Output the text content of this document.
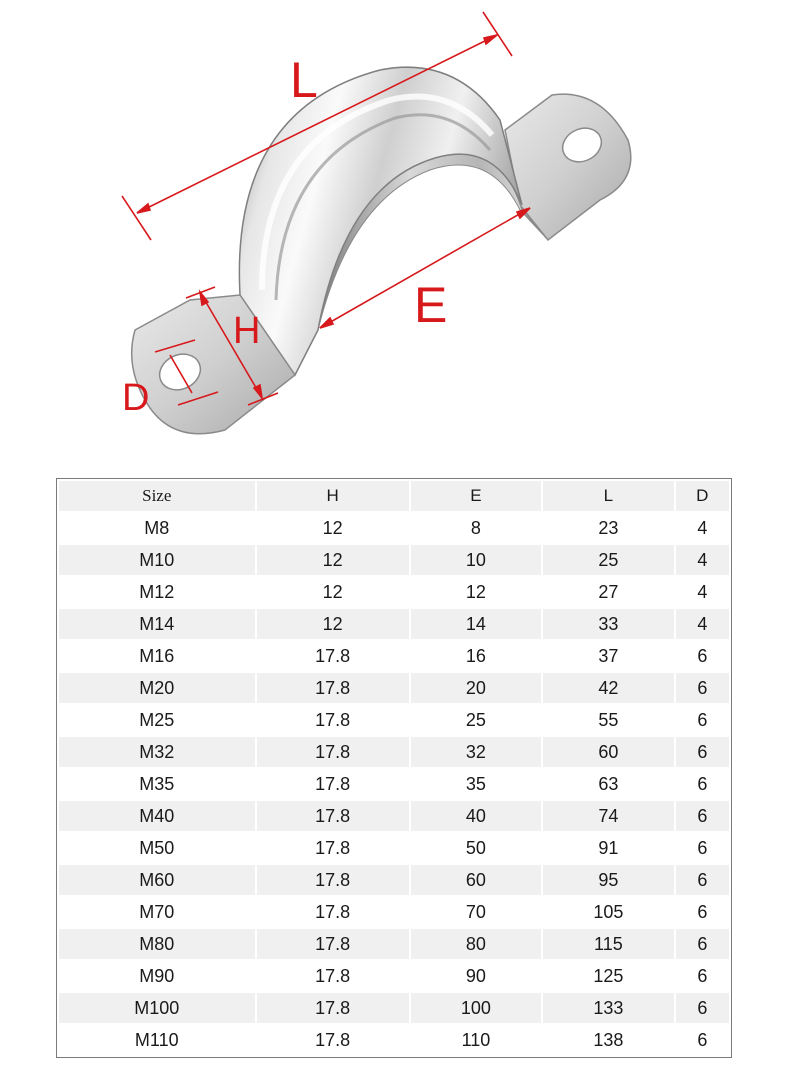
L
E
H
D
Size	H	E	L	D
M8	12	8	23	4
M10	12	10	25	4
M12	12	12	27	4
M14	12	14	33	4
M16	17.8	16	37	6
M20	17.8	20	42	6
M25	17.8	25	55	6
M32	17.8	32	60	6
M35	17.8	35	63	6
M40	17.8	40	74	6
M50	17.8	50	91	6
M60	17.8	60	95	6
M70	17.8	70	105	6
M80	17.8	80	115	6
M90	17.8	90	125	6
M100	17.8	100	133	6
M110	17.8	110	138	6
